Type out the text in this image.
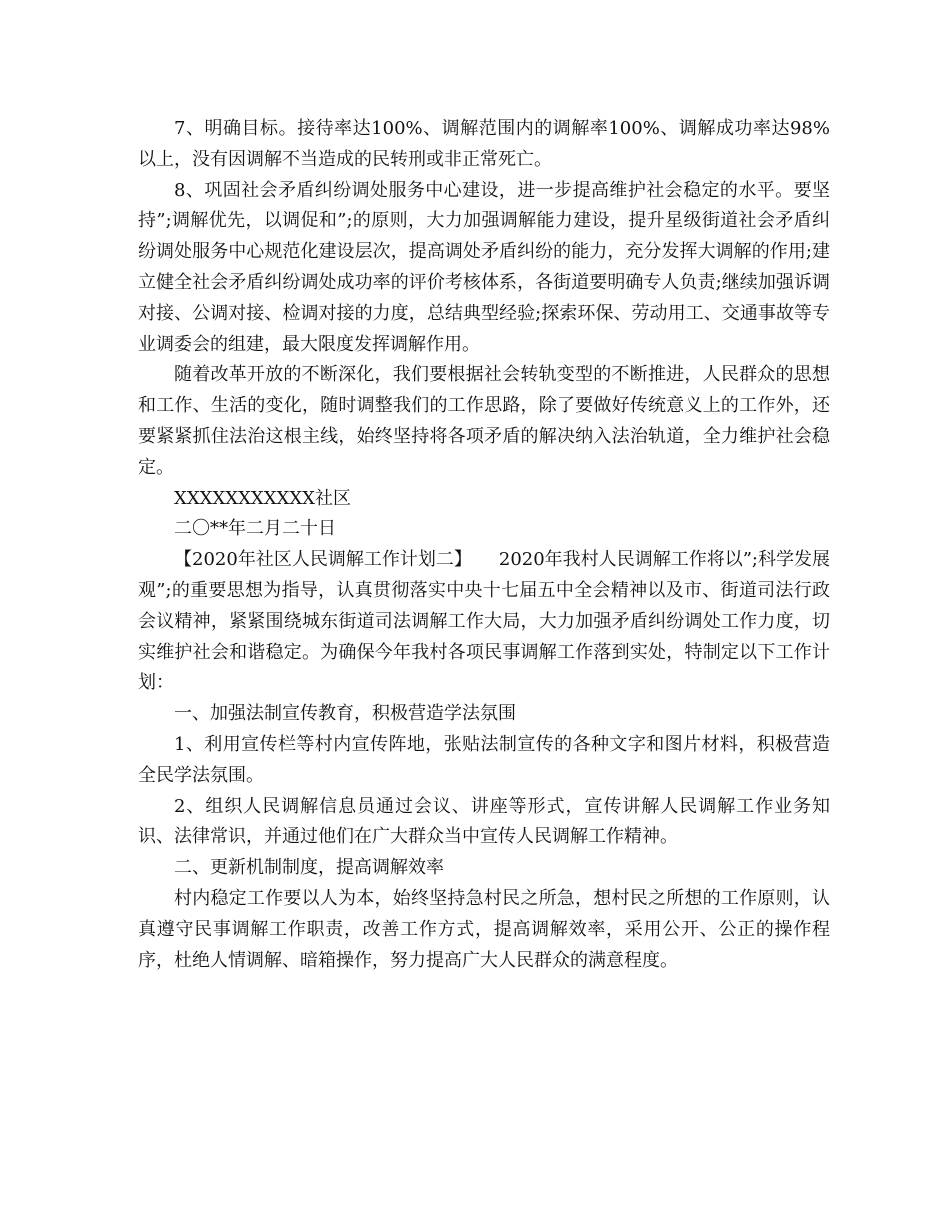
7、明确目标。接待率达100%、调解范围内的调解率100%、调解成功率达98%以上，没有因调解不当造成的民转刑或非正常死亡。

8、巩固社会矛盾纠纷调处服务中心建设，进一步提高维护社会稳定的水平。要坚持”;调解优先，以调促和”;的原则，大力加强调解能力建设，提升星级街道社会矛盾纠纷调处服务中心规范化建设层次，提高调处矛盾纠纷的能力，充分发挥大调解的作用;建立健全社会矛盾纠纷调处成功率的评价考核体系，各街道要明确专人负责;继续加强诉调对接、公调对接、检调对接的力度，总结典型经验;探索环保、劳动用工、交通事故等专业调委会的组建，最大限度发挥调解作用。

随着改革开放的不断深化，我们要根据社会转轨变型的不断推进，人民群众的思想和工作、生活的变化，随时调整我们的工作思路，除了要做好传统意义上的工作外，还要紧紧抓住法治这根主线，始终坚持将各项矛盾的解决纳入法治轨道，全力维护社会稳定。

XXXXXXXXXXX社区

二〇**年二月二十日

【2020年社区人民调解工作计划二】　　2020年我村人民调解工作将以”;科学发展观”;的重要思想为指导，认真贯彻落实中央十七届五中全会精神以及市、街道司法行政会议精神，紧紧围绕城东街道司法调解工作大局，大力加强矛盾纠纷调处工作力度，切实维护社会和谐稳定。为确保今年我村各项民事调解工作落到实处，特制定以下工作计划：

一、加强法制宣传教育，积极营造学法氛围

1、利用宣传栏等村内宣传阵地，张贴法制宣传的各种文字和图片材料，积极营造全民学法氛围。

2、组织人民调解信息员通过会议、讲座等形式，宣传讲解人民调解工作业务知识、法律常识，并通过他们在广大群众当中宣传人民调解工作精神。

二、更新机制制度，提高调解效率

村内稳定工作要以人为本，始终坚持急村民之所急，想村民之所想的工作原则，认真遵守民事调解工作职责，改善工作方式，提高调解效率，采用公开、公正的操作程序，杜绝人情调解、暗箱操作，努力提高广大人民群众的满意程度。
